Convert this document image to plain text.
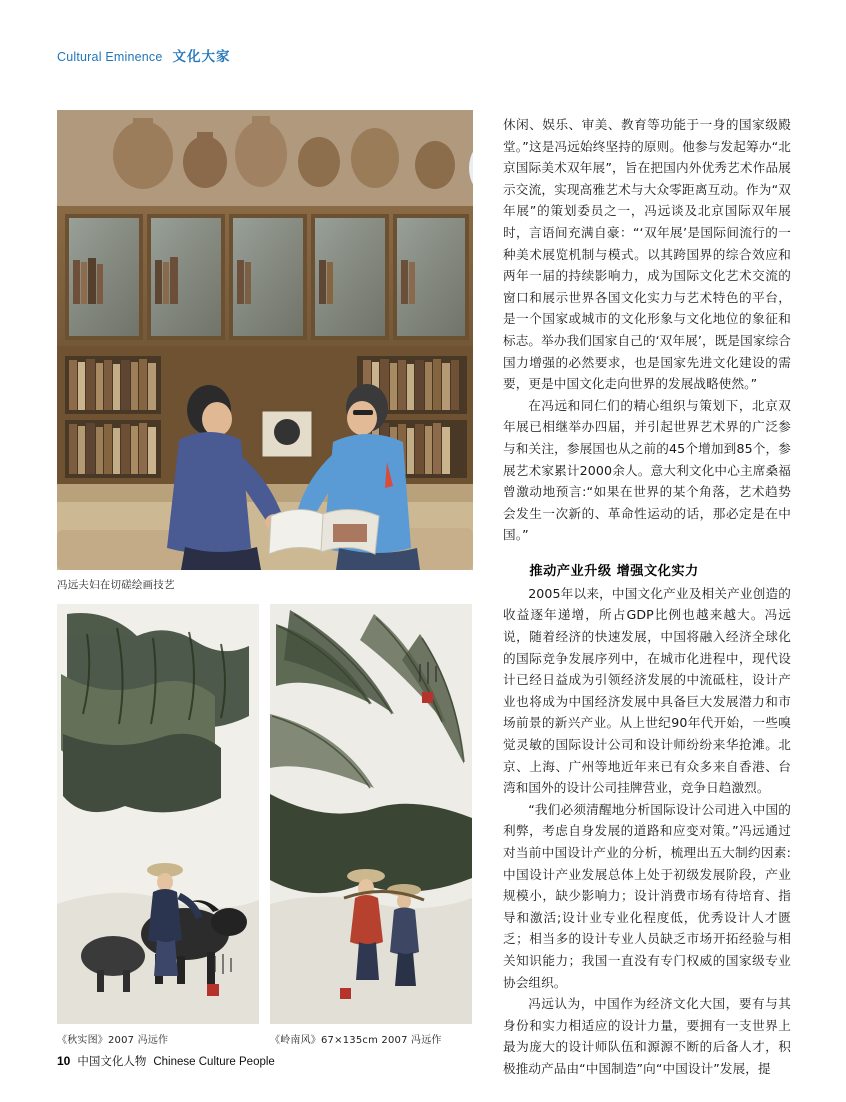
Cultural Eminence 文化大家
冯远夫妇在切磋绘画技艺
《秋实图》2007 冯远作	《岭南风》67×135cm 2007 冯远作

休闲、娱乐、审美、教育等功能于一身的国家级殿堂。”这是冯远始终坚持的原则。他参与发起筹办“北京国际美术双年展”，旨在把国内外优秀艺术作品展示交流，实现高雅艺术与大众零距离互动。作为“双年展”的策划委员之一，冯远谈及北京国际双年展时，言语间充满自豪：“‘双年展’是国际间流行的一种美术展览机制与模式。以其跨国界的综合效应和两年一届的持续影响力，成为国际文化艺术交流的窗口和展示世界各国文化实力与艺术特色的平台，是一个国家或城市的文化形象与文化地位的象征和标志。举办我们国家自己的‘双年展’，既是国家综合国力增强的必然要求，也是国家先进文化建设的需要，更是中国文化走向世界的发展战略使然。”

在冯远和同仁们的精心组织与策划下，北京双年展已相继举办四届，并引起世界艺术界的广泛参与和关注，参展国也从之前的45个增加到85个，参展艺术家累计2000余人。意大利文化中心主席桑福曾激动地预言:“如果在世界的某个角落，艺术趋势会发生一次新的、革命性运动的话，那必定是在中国。”

推动产业升级 增强文化实力

2005年以来，中国文化产业及相关产业创造的收益逐年递增，所占GDP比例也越来越大。冯远说，随着经济的快速发展，中国将融入经济全球化的国际竞争发展序列中，在城市化进程中，现代设计已经日益成为引领经济发展的中流砥柱，设计产业也将成为中国经济发展中具备巨大发展潜力和市场前景的新兴产业。从上世纪90年代开始，一些嗅觉灵敏的国际设计公司和设计师纷纷来华抢滩。北京、上海、广州等地近年来已有众多来自香港、台湾和国外的设计公司挂牌营业，竞争日趋激烈。

“我们必须清醒地分析国际设计公司进入中国的利弊，考虑自身发展的道路和应变对策。”冯远通过对当前中国设计产业的分析，梳理出五大制约因素:中国设计产业发展总体上处于初级发展阶段，产业规模小，缺少影响力；设计消费市场有待培育、指导和激活;设计业专业化程度低，优秀设计人才匮乏；相当多的设计专业人员缺乏市场开拓经验与相关知识能力；我国一直没有专门权威的国家级专业协会组织。

冯远认为，中国作为经济文化大国，要有与其身份和实力相适应的设计力量，要拥有一支世界上最为庞大的设计师队伍和源源不断的后备人才，积极推动产品由“中国制造”向“中国设计”发展，提

10 中国文化人物 Chinese Culture People
